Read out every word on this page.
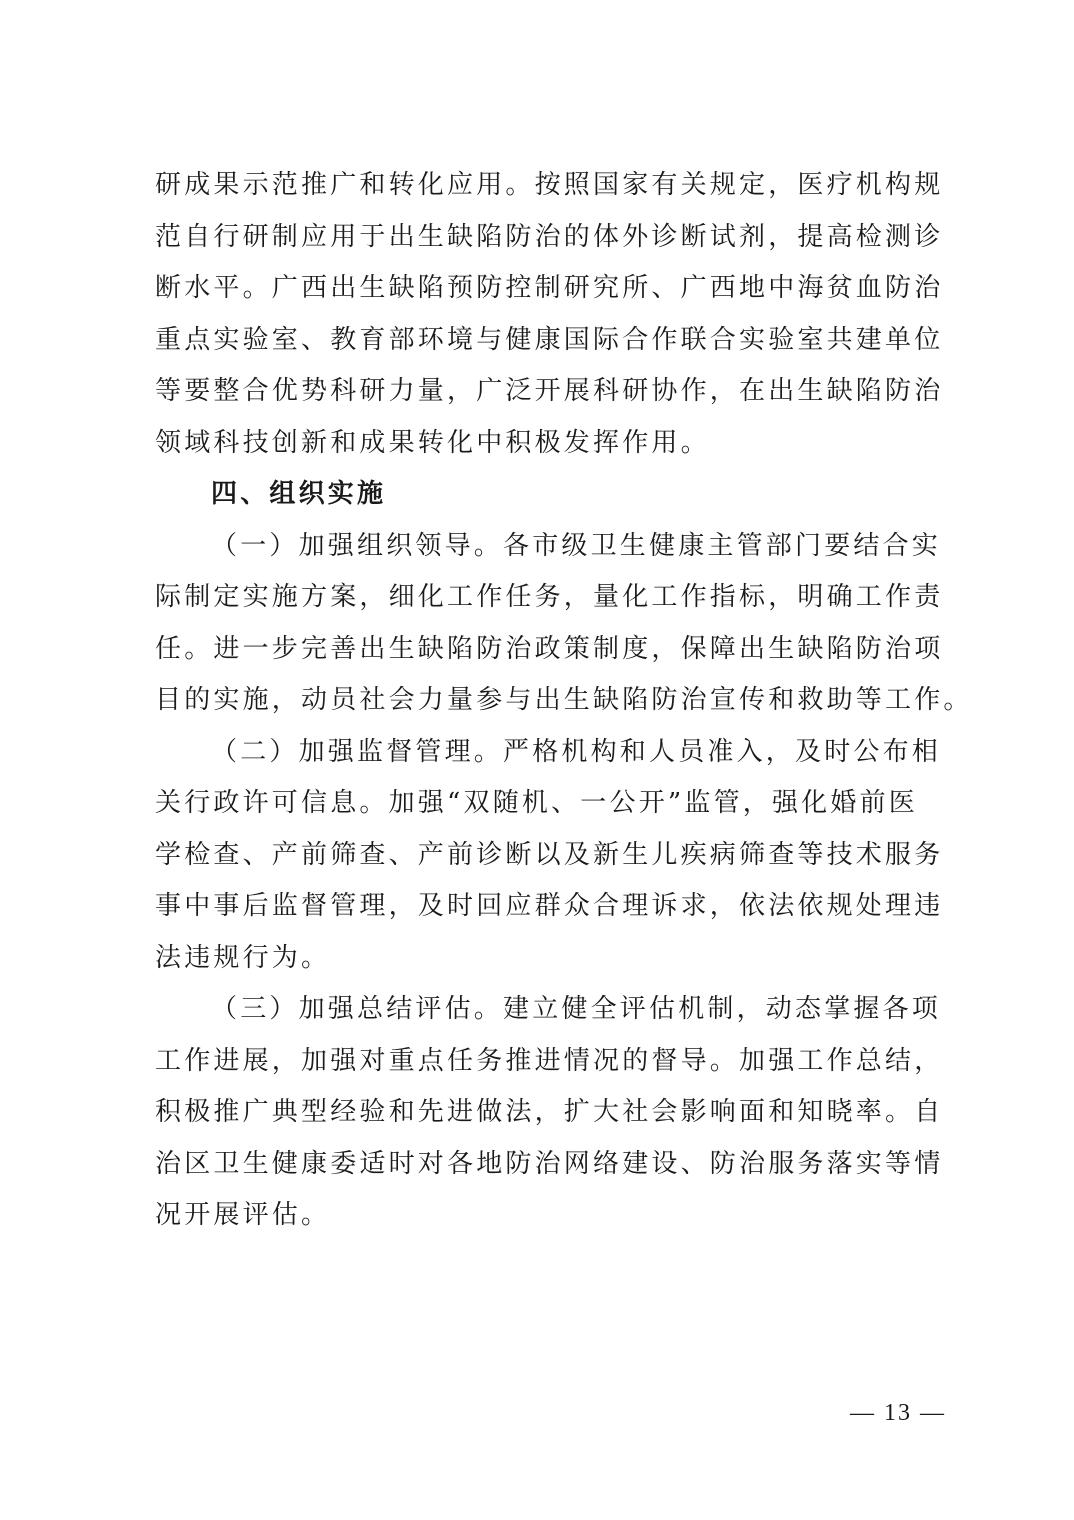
研成果示范推广和转化应用。按照国家有关规定，医疗机构规
范自行研制应用于出生缺陷防治的体外诊断试剂，提高检测诊
断水平。广西出生缺陷预防控制研究所、广西地中海贫血防治
重点实验室、教育部环境与健康国际合作联合实验室共建单位
等要整合优势科研力量，广泛开展科研协作，在出生缺陷防治
领域科技创新和成果转化中积极发挥作用。
四、组织实施
（一）加强组织领导。各市级卫生健康主管部门要结合实
际制定实施方案，细化工作任务，量化工作指标，明确工作责
任。进一步完善出生缺陷防治政策制度，保障出生缺陷防治项
目的实施，动员社会力量参与出生缺陷防治宣传和救助等工作。
（二）加强监督管理。严格机构和人员准入，及时公布相
关行政许可信息。加强“双随机、一公开”监管，强化婚前医
学检查、产前筛查、产前诊断以及新生儿疾病筛查等技术服务
事中事后监督管理，及时回应群众合理诉求，依法依规处理违
法违规行为。
（三）加强总结评估。建立健全评估机制，动态掌握各项
工作进展，加强对重点任务推进情况的督导。加强工作总结，
积极推广典型经验和先进做法，扩大社会影响面和知晓率。自
治区卫生健康委适时对各地防治网络建设、防治服务落实等情
况开展评估。
— 13 —
